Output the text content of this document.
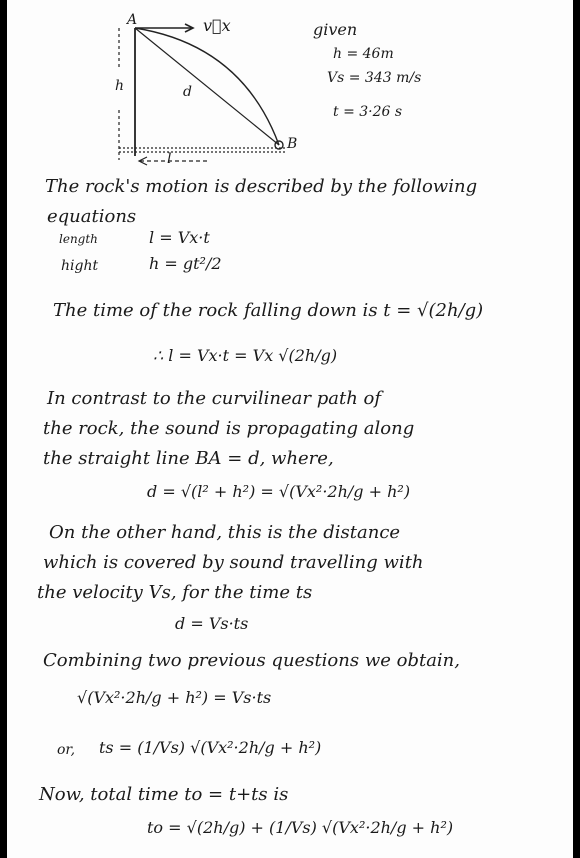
A
B
h	d
l
v⃗x	given
h = 46m
Vs = 343 m/s
t = 3·26 s
The rock's motion is described by the following
equations
length	l = Vx·t
hight	h = gt²/2
The time of the rock falling down is t = √(2h/g)
∴ l = Vx·t = Vx √(2h/g)
In contrast to the curvilinear path of
the rock, the sound is propagating along
the straight line BA = d, where,
d = √(l² + h²) = √(Vx²·2h/g + h²)
On the other hand, this is the distance
which is covered by sound travelling with
the velocity Vs, for the time ts
d = Vs·ts
Combining two previous questions we obtain,
√(Vx²·2h/g + h²) = Vs·ts
or, ts = (1/Vs) √(Vx²·2h/g + h²)
Now, total time to = t+ts is
to = √(2h/g) + (1/Vs) √(Vx²·2h/g + h²)
